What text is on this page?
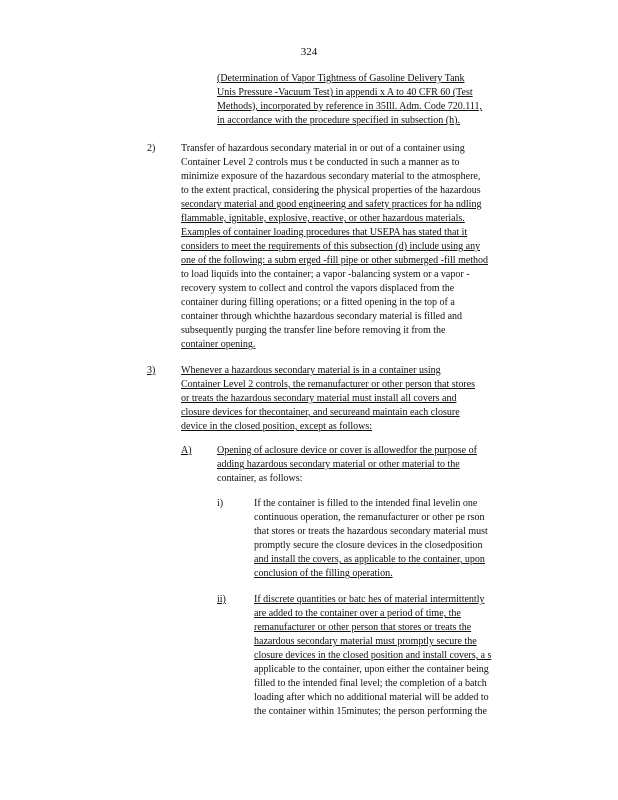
324
(Determination of Vapor Tightness of Gasoline Delivery Tank
Unis Pressure -Vacuum Test) in appendi x A to 40 CFR 60 (Test
Methods), incorporated by reference in 35Ill. Adm. Code 720.111,
in accordance with the procedure specified in subsection (h).
2)	Transfer of hazardous secondary material in or out of a container using
Container Level 2 controls mus t be conducted in such a manner as to
minimize exposure of the hazardous secondary material to the atmosphere,
to the extent practical, considering the physical properties of the hazardous
secondary material and good engineering and safety practices for ha ndling
flammable, ignitable, explosive, reactive, or other hazardous materials.
Examples of container loading procedures that USEPA has stated that it
considers to meet the requirements of this subsection (d) include using any
one of the following: a subm erged -fill pipe or other submerged -fill method
to load liquids into the container; a vapor -balancing system or a vapor -
recovery system to collect and control the vapors displaced from the
container during filling operations; or a fitted opening in the top of a
container through whichthe hazardous secondary material is filled and
subsequently purging the transfer line before removing it from the
container opening.
3)	Whenever a hazardous secondary material is in a container using
Container Level 2 controls, the remanufacturer or other person that stores
or treats the hazardous secondary material must install all covers and
closure devices for thecontainer, and secureand maintain each closure
device in the closed position, except as follows:
A)	Opening of aclosure device or cover is allowedfor the purpose of
adding hazardous secondary material or other material to the
container, as follows:
i)	If the container is filled to the intended final levelin one
continuous operation, the remanufacturer or other pe rson
that stores or treats the hazardous secondary material must
promptly secure the closure devices in the closedposition
and install the covers, as applicable to the container, upon
conclusion of the filling operation.
ii)	If discrete quantities or batc hes of material intermittently
are added to the container over a period of time, the
remanufacturer or other person that stores or treats the
hazardous secondary material must promptly secure the
closure devices in the closed position and install covers, a s
applicable to the container, upon either the container being
filled to the intended final level; the completion of a batch
loading after which no additional material will be added to
the container within 15minutes; the person performing the
